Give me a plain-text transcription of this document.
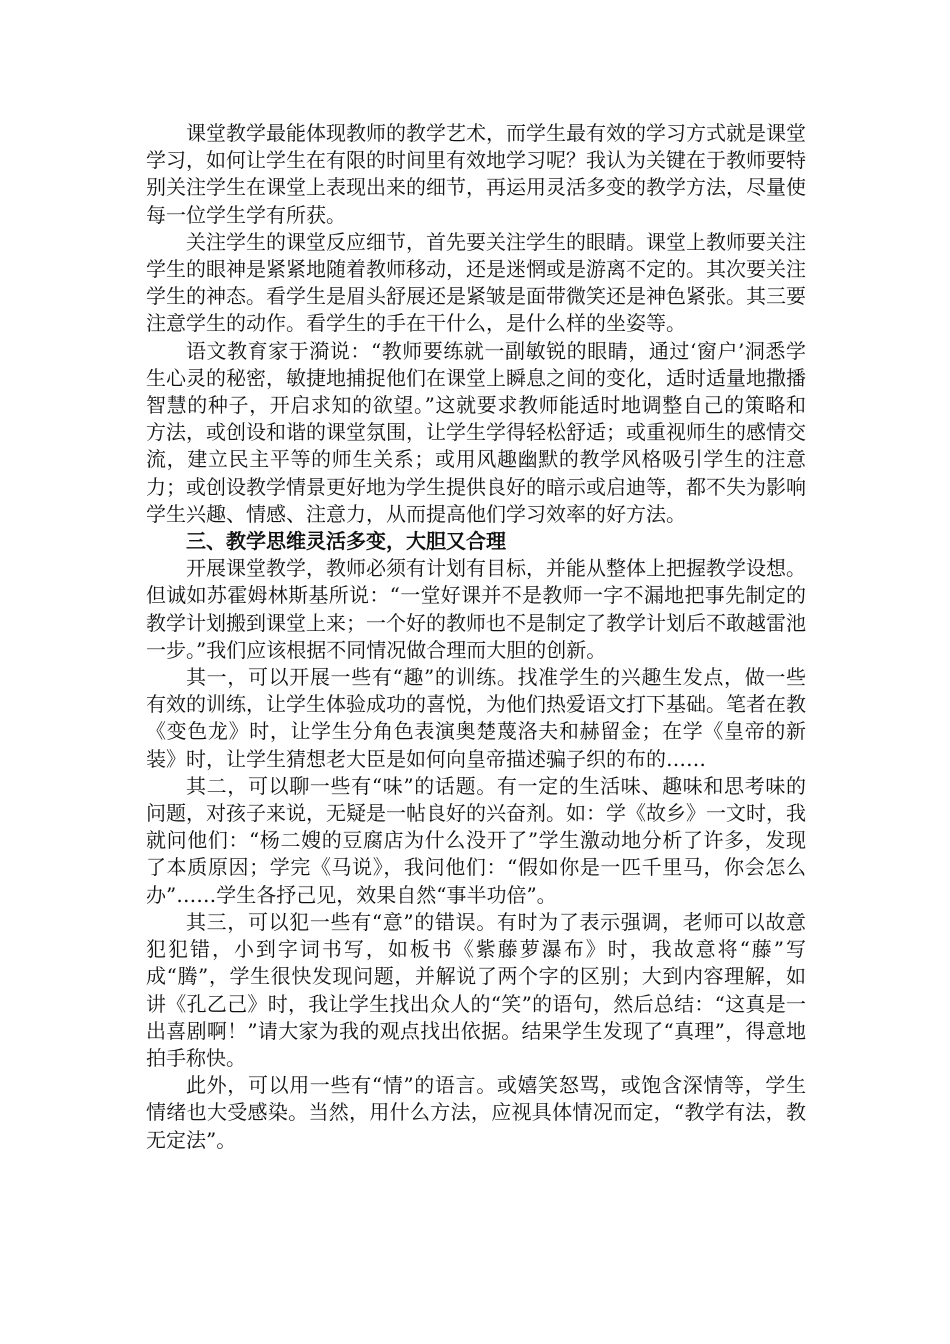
课堂教学最能体现教师的教学艺术，而学生最有效的学习方式就是课堂学习，如何让学生在有限的时间里有效地学习呢？我认为关键在于教师要特别关注学生在课堂上表现出来的细节，再运用灵活多变的教学方法，尽量使每一位学生学有所获。

关注学生的课堂反应细节，首先要关注学生的眼睛。课堂上教师要关注学生的眼神是紧紧地随着教师移动，还是迷惘或是游离不定的。其次要关注学生的神态。看学生是眉头舒展还是紧皱是面带微笑还是神色紧张。其三要注意学生的动作。看学生的手在干什么，是什么样的坐姿等。

语文教育家于漪说：“教师要练就一副敏锐的眼睛，通过‘窗户’洞悉学生心灵的秘密，敏捷地捕捉他们在课堂上瞬息之间的变化，适时适量地撒播智慧的种子，开启求知的欲望。”这就要求教师能适时地调整自己的策略和方法，或创设和谐的课堂氛围，让学生学得轻松舒适；或重视师生的感情交流，建立民主平等的师生关系；或用风趣幽默的教学风格吸引学生的注意力；或创设教学情景更好地为学生提供良好的暗示或启迪等，都不失为影响学生兴趣、情感、注意力，从而提高他们学习效率的好方法。

三、教学思维灵活多变，大胆又合理

开展课堂教学，教师必须有计划有目标，并能从整体上把握教学设想。但诚如苏霍姆林斯基所说：“一堂好课并不是教师一字不漏地把事先制定的教学计划搬到课堂上来；一个好的教师也不是制定了教学计划后不敢越雷池一步。”我们应该根据不同情况做合理而大胆的创新。

其一，可以开展一些有“趣”的训练。找准学生的兴趣生发点，做一些有效的训练，让学生体验成功的喜悦，为他们热爱语文打下基础。笔者在教《变色龙》时，让学生分角色表演奥楚蔑洛夫和赫留金；在学《皇帝的新装》时，让学生猜想老大臣是如何向皇帝描述骗子织的布的……

其二，可以聊一些有“味”的话题。有一定的生活味、趣味和思考味的问题，对孩子来说，无疑是一帖良好的兴奋剂。如：学《故乡》一文时，我就问他们：“杨二嫂的豆腐店为什么没开了”学生激动地分析了许多，发现了本质原因；学完《马说》，我问他们：“假如你是一匹千里马，你会怎么办”……学生各抒己见，效果自然“事半功倍”。

其三，可以犯一些有“意”的错误。有时为了表示强调，老师可以故意犯犯错，小到字词书写，如板书《紫藤萝瀑布》时，我故意将“藤”写成“腾”，学生很快发现问题，并解说了两个字的区别；大到内容理解，如讲《孔乙己》时，我让学生找出众人的“笑”的语句，然后总结：“这真是一出喜剧啊！”请大家为我的观点找出依据。结果学生发现了“真理”，得意地拍手称快。

此外，可以用一些有“情”的语言。或嬉笑怒骂，或饱含深情等，学生情绪也大受感染。当然，用什么方法，应视具体情况而定，“教学有法，教无定法”。
